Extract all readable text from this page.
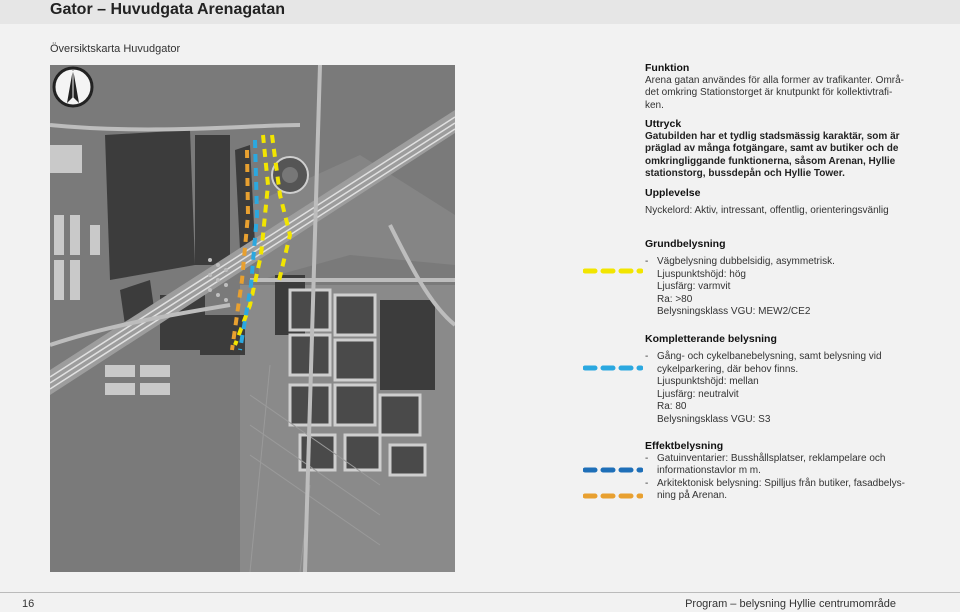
Gator – Huvudgata Arenagatan
Översiktskarta Huvudgator

Funktion

Arena gatan användes för alla former av trafikanter. Områ-

det omkring Stationstorget är knutpunkt för kollektivtrafi-

ken.

Uttryck

Gatubilden har et tydlig stadsmässig karaktär, som är

präglad av många fotgängare, samt av butiker och de

omkringliggande funktionerna, såsom Arenan, Hyllie

stationstorg, bussdepån och Hyllie Tower.

Upplevelse

Nyckelord: Aktiv, intressant, offentlig, orienteringsvänlig

Grundbelysning

- Vägbelysning dubbelsidig, asymmetrisk.

Ljuspunktshöjd: hög

Ljusfärg: varmvit

Ra: >80

Belysningsklass VGU: MEW2/CE2

Kompletterande belysning

- Gång- och cykelbanebelysning, samt belysning vid

cykelparkering, där behov finns.

Ljuspunktshöjd: mellan

Ljusfärg: neutralvit

Ra: 80

Belysningsklass VGU: S3

Effektbelysning

- Gatuinventarier: Busshållsplatser, reklampelare och

informationstavlor m m.

- Arkitektonisk belysning: Spilljus från butiker, fasadbelys-

ning på Arenan.

16	Program – belysning Hyllie centrumområde
